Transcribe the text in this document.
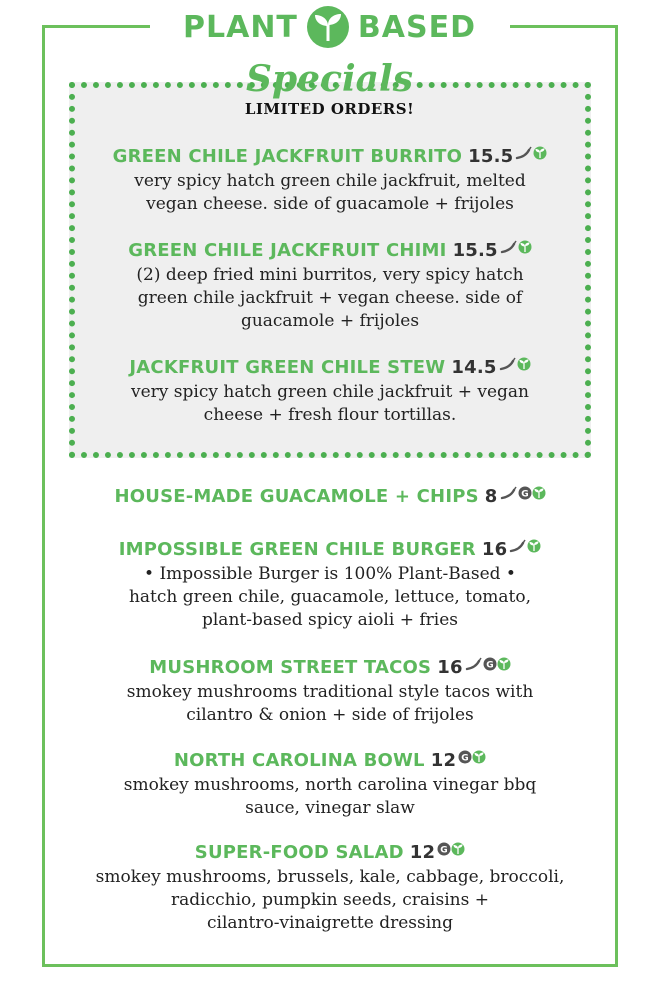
PLANT BASED
Specials
LIMITED ORDERS!
GREEN CHILE JACKFRUIT BURRITO 15.5
very spicy hatch green chile jackfruit, melted
vegan cheese. side of guacamole + frijoles
GREEN CHILE JACKFRUIT CHIMI 15.5
(2) deep fried mini burritos, very spicy hatch
green chile jackfruit + vegan cheese. side of
guacamole + frijoles
JACKFRUIT GREEN CHILE STEW 14.5
very spicy hatch green chile jackfruit + vegan
cheese + fresh flour tortillas.
HOUSE-MADE GUACAMOLE + CHIPS 8	G
IMPOSSIBLE GREEN CHILE BURGER 16
• Impossible Burger is 100% Plant-Based •
hatch green chile, guacamole, lettuce, tomato,
plant-based spicy aioli + fries
MUSHROOM STREET TACOS 16	G
smokey mushrooms traditional style tacos with
cilantro & onion + side of frijoles
NORTH CAROLINA BOWL 12 G
smokey mushrooms, north carolina vinegar bbq
sauce, vinegar slaw
SUPER-FOOD SALAD 12 G
smokey mushrooms, brussels, kale, cabbage, broccoli,
radicchio, pumpkin seeds, craisins +
cilantro-vinaigrette dressing
